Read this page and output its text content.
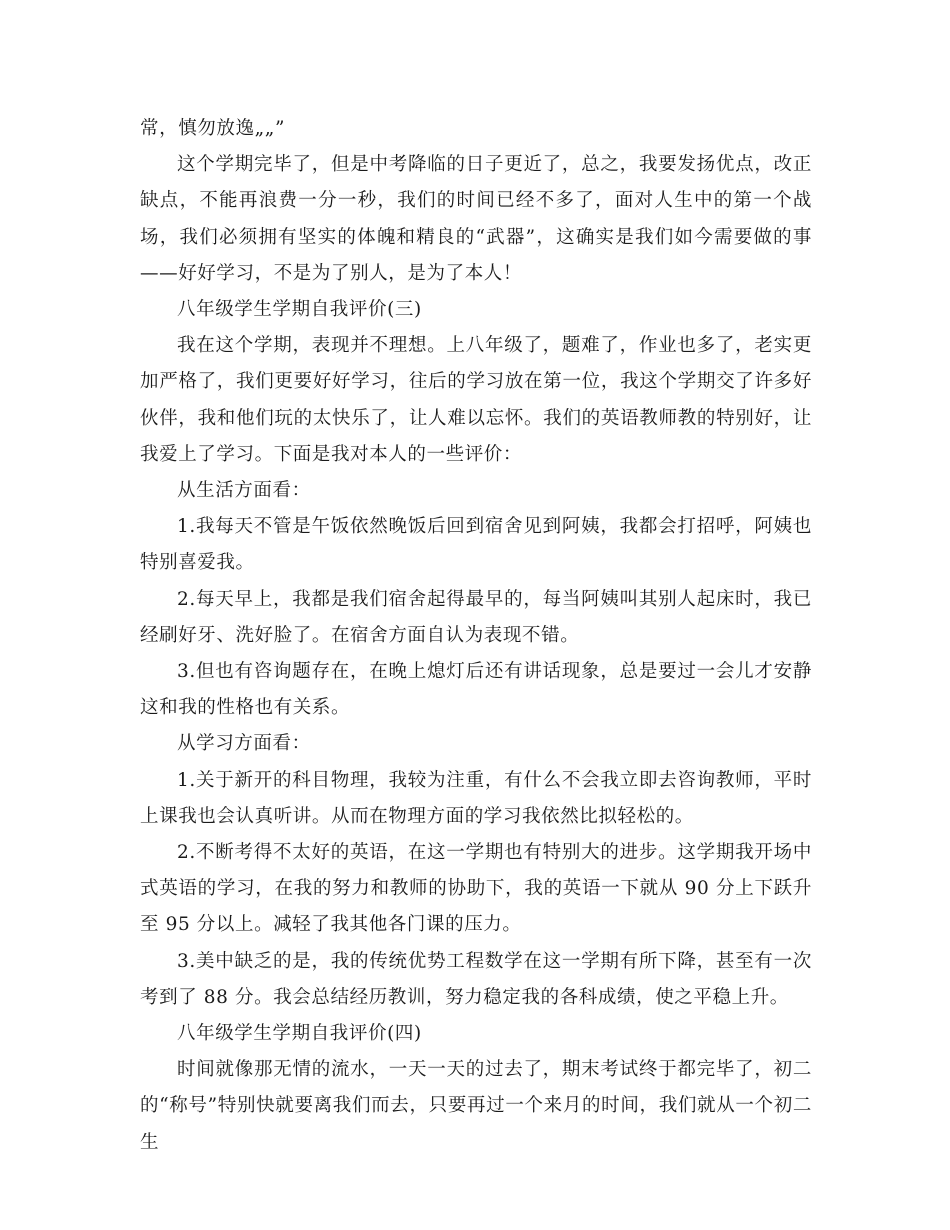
常，慎勿放逸„„”

这个学期完毕了，但是中考降临的日子更近了，总之，我要发扬优点，改正缺点，不能再浪费一分一秒，我们的时间已经不多了，面对人生中的第一个战场，我们必须拥有坚实的体魄和精良的“武器”，这确实是我们如今需要做的事——好好学习，不是为了别人，是为了本人！

八年级学生学期自我评价(三)

我在这个学期，表现并不理想。上八年级了，题难了，作业也多了，老实更加严格了，我们更要好好学习，往后的学习放在第一位，我这个学期交了许多好伙伴，我和他们玩的太快乐了，让人难以忘怀。我们的英语教师教的特别好，让我爱上了学习。下面是我对本人的一些评价：

从生活方面看：

1.我每天不管是午饭依然晚饭后回到宿舍见到阿姨，我都会打招呼，阿姨也特别喜爱我。

2.每天早上，我都是我们宿舍起得最早的，每当阿姨叫其别人起床时，我已经刷好牙、洗好脸了。在宿舍方面自认为表现不错。

3.但也有咨询题存在，在晚上熄灯后还有讲话现象，总是要过一会儿才安静这和我的性格也有关系。

从学习方面看：

1.关于新开的科目物理，我较为注重，有什么不会我立即去咨询教师，平时上课我也会认真听讲。从而在物理方面的学习我依然比拟轻松的。

2.不断考得不太好的英语，在这一学期也有特别大的进步。这学期我开场中式英语的学习，在我的努力和教师的协助下，我的英语一下就从 90 分上下跃升至 95 分以上。减轻了我其他各门课的压力。

3.美中缺乏的是，我的传统优势工程数学在这一学期有所下降，甚至有一次考到了 88 分。我会总结经历教训，努力稳定我的各科成绩，使之平稳上升。

八年级学生学期自我评价(四)

时间就像那无情的流水，一天一天的过去了，期末考试终于都完毕了，初二的“称号”特别快就要离我们而去，只要再过一个来月的时间，我们就从一个初二生
